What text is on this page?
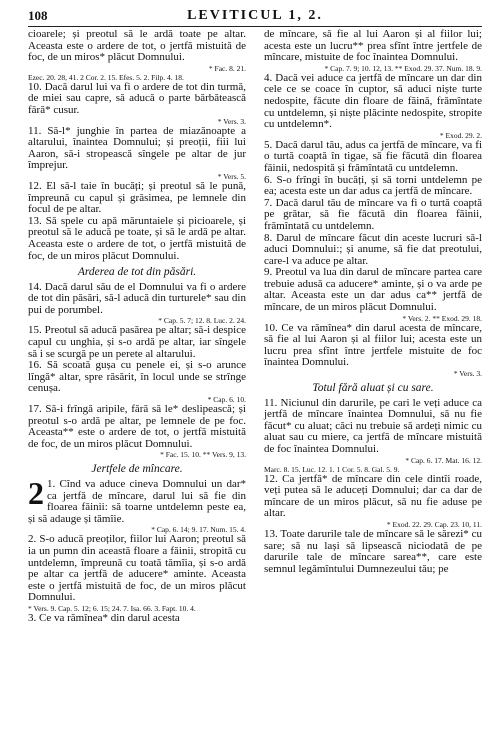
108	LEVITICUL 1, 2.

cioarele; și preotul să le ardă toate pe altar. Aceasta este o ardere de tot, o jertfă mistuită de foc, de un miros* plăcut Domnului.

* Fac. 8. 21.
Ezec. 20. 28, 41. 2 Cor. 2. 15. Efes. 5. 2. Filp. 4. 18.

10. Dacă darul lui va fi o ardere de tot din turmă, de miei sau capre, să aducă o parte bărbătească fără* cusur.

* Vers. 3.

11. Să-l* junghie în partea de miazănoapte a altarului, înaintea Domnului; și preoții, fiii lui Aaron, să-i stropească sîngele pe altar de jur împrejur.

* Vers. 5.

12. El să-l taie în bucăți; și preotul să le pună, împreună cu capul și grăsimea, pe lemnele din focul de pe altar.

13. Să spele cu apă măruntaiele și picioarele, și preotul să le aducă pe toate, și să le ardă pe altar. Aceasta este o ardere de tot, o jertfă mistuită de foc, de un miros plăcut Domnului.

Arderea de tot din păsări.

14. Dacă darul său de el Domnului va fi o ardere de tot din păsări, să-l aducă din turturele* sau din pui de porumbel.

* Cap. 5. 7; 12. 8. Luc. 2. 24.

15. Preotul să aducă pasărea pe altar; să-i despice capul cu unghia, și s-o ardă pe altar, iar sîngele să i se scurgă pe un perete al altarului.

16. Să scoată gușa cu penele ei, și s-o arunce lîngă* altar, spre răsărit, în locul unde se strînge cenușa.

* Cap. 6. 10.

17. Să-i frîngă aripile, fără să le* deslipească; și preotul s-o ardă pe altar, pe lemnele de pe foc. Aceasta** este o ardere de tot, o jertfă mistuită de foc, de un miros plăcut Domnului.

* Fac. 15. 10. ** Vers. 9, 13.
Jertfele de mîncare.

2 1. Cînd va aduce cineva Domnului un dar* ca jertfă de mîncare, darul lui să fie din floarea făinii: să toarne untdelemn peste ea, și să adauge și tămîie.

* Cap. 6. 14; 9. 17. Num. 15. 4.

2. S-o aducă preoților, fiilor lui Aaron; preotul să ia un pumn din această floare a făinii, stropită cu untdelemn, împreună cu toată tămîia, și s-o ardă pe altar ca jertfă de aducere* aminte. Aceasta este o jertfă mistuită de foc, de un miros plăcut Domnului.

* Vers. 9. Cap. 5. 12; 6. 15; 24. 7. Isa. 66. 3. Fapt. 10. 4.

3. Ce va rămînea* din darul acesta

de mîncare, să fie al lui Aaron și al fiilor lui; acesta este un lucru** prea sfînt între jertfele de mîncare, mistuite de foc înaintea Domnului.

* Cap. 7. 9; 10. 12, 13. ** Exod. 29. 37. Num. 18. 9.

4. Dacă vei aduce ca jertfă de mîncare un dar din cele ce se coace în cuptor, să aduci niște turte nedospite, făcute din floare de făină, frămîntate cu untdelemn, și niște plăcinte nedospite, stropite cu untdelemn*.

* Exod. 29. 2.

5. Dacă darul tău, adus ca jertfă de mîncare, va fi o turtă coaptă în tigae, să fie făcută din floarea făinii, nedospită și frămîntată cu untdelemn.

6. S-o frîngi în bucăți, și să torni untdelemn pe ea; acesta este un dar adus ca jertfă de mîncare.

7. Dacă darul tău de mîncare va fi o turtă coaptă pe grătar, să fie făcută din floarea făinii, frămîntată cu untdelemn.

8. Darul de mîncare făcut din aceste lucruri să-l aduci Domnului:; și anume, să fie dat preotului, care-l va aduce pe altar.

9. Preotul va lua din darul de mîncare partea care trebuie adusă ca aducere* aminte, și o va arde pe altar. Aceasta este un dar adus ca** jertfă de mîncare, de un miros plăcut Domnului.

* Vers. 2. ** Exod. 29. 18.

10. Ce va rămînea* din darul acesta de mîncare, să fie al lui Aaron și al fiilor lui; acesta este un lucru prea sfînt între jertfele mistuite de foc înaintea Domnului.

* Vers. 3.
Totul fără aluat și cu sare.

11. Niciunul din darurile, pe cari le veți aduce ca jertfă de mîncare înaintea Domnului, să nu fie făcut* cu aluat; căci nu trebuie să ardeți nimic cu aluat sau cu miere, ca jertfă de mîncare mistuită de foc înaintea Domnului.

* Cap. 6. 17. Mat. 16. 12.
Marc. 8. 15. Luc. 12. 1. 1 Cor. 5. 8. Gal. 5. 9.

12. Ca jertfă* de mîncare din cele dintîi roade, veți putea să le aduceți Domnului; dar ca dar de mîncare de un miros plăcut, să nu fie aduse pe altar.

* Exod. 22. 29. Cap. 23. 10, 11.

13. Toate darurile tale de mîncare să le sărezi* cu sare; să nu lași să lipsească niciodată de pe darurile tale de mîncare sarea**, care este semnul legămîntului Dumnezeului tău; pe
